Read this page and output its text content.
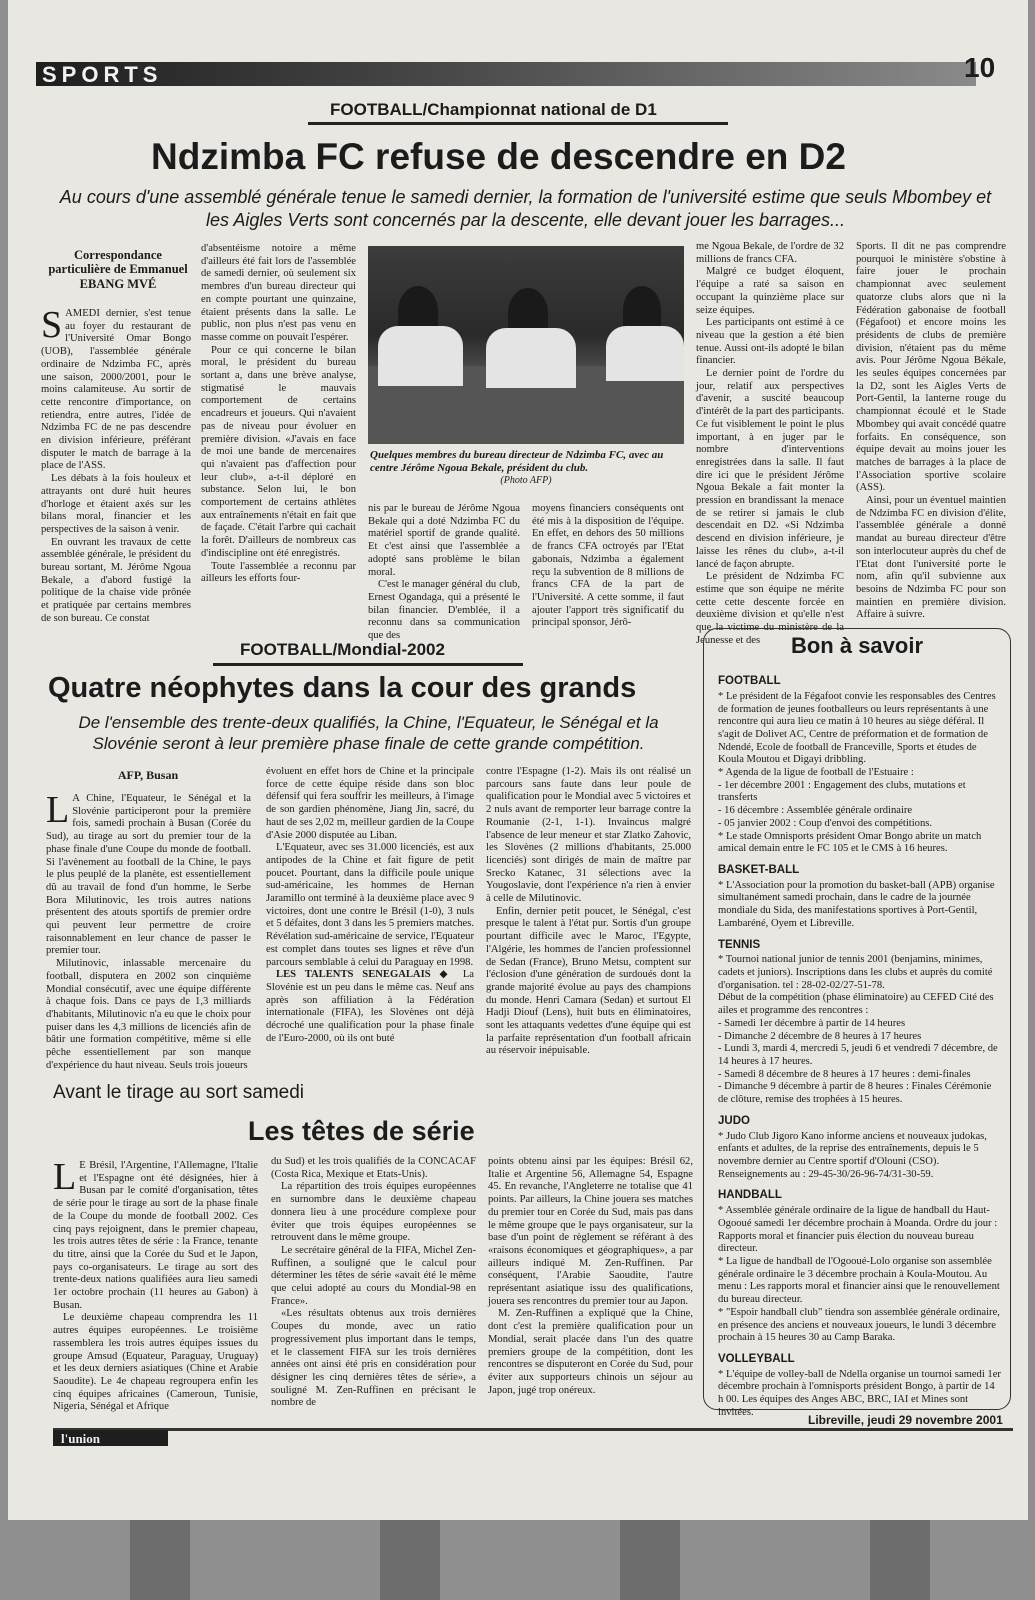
SPORTS	10
FOOTBALL/Championnat national de D1
Ndzimba FC refuse de descendre en D2
Au cours d'une assemblé générale tenue le samedi dernier, la formation de l'université estime que seuls Mbombey et les Aigles Verts sont concernés par la descente, elle devant jouer les barrages...
Correspondance particulière de Emmanuel EBANG MVÉ
S AMEDI dernier, s'est tenue au foyer du restaurant de l'Université Omar Bongo (UOB), l'assemblée générale ordinaire de Ndzimba FC, après une saison, 2000/2001, pour le moins calamiteuse. Au sortir de cette rencontre d'importance, on retiendra, entre autres, l'idée de Ndzimba FC de ne pas descendre en division inférieure, préférant disputer le match de barrage à la place de l'ASS.

Les débats à la fois houleux et attrayants ont duré huit heures d'horloge et étaient axés sur les bilans moral, financier et les perspectives de la saison à venir.

En ouvrant les travaux de cette assemblée générale, le président du bureau sortant, M. Jérôme Ngoua Bekale, a d'abord fustigé la politique de la chaise vide prônée et pratiquée par certains membres de son bureau. Ce constat

d'absentéisme notoire a même d'ailleurs été fait lors de l'assemblée de samedi dernier, où seulement six membres d'un bureau directeur qui en compte pourtant une quinzaine, étaient présents dans la salle. Le public, non plus n'est pas venu en masse comme on pouvait l'espérer.

Pour ce qui concerne le bilan moral, le président du bureau sortant a, dans une brève analyse, stigmatisé le mauvais comportement de certains encadreurs et joueurs. Qui n'avaient pas de niveau pour évoluer en première division. «J'avais en face de moi une bande de mercenaires qui n'avaient pas d'affection pour leur club», a-t-il déploré en substance. Selon lui, le bon comportement de certains athlètes aux entraînements n'était en fait que de façade. C'était l'arbre qui cachait la forêt. D'ailleurs de nombreux cas d'indiscipline ont été enregistrés.

Toute l'assemblée a reconnu par ailleurs les efforts four-

Quelques membres du bureau directeur de Ndzimba FC, avec au centre Jérôme Ngoua Bekale, président du club.
(Photo AFP)

nis par le bureau de Jérôme Ngoua Bekale qui a doté Ndzimba FC du matériel sportif de grande qualité. Et c'est ainsi que l'assemblée a adopté sans problème le bilan moral.

C'est le manager général du club, Ernest Ogandaga, qui a présenté le bilan financier. D'emblée, il a reconnu dans sa communication que des

moyens financiers conséquents ont été mis à la disposition de l'équipe. En effet, en dehors des 50 millions de francs CFA octroyés par l'Etat gabonais, Ndzimba a également reçu la subvention de 8 millions de francs CFA de la part de l'Université. A cette somme, il faut ajouter l'apport très significatif du principal sponsor, Jérô-

me Ngoua Bekale, de l'ordre de 32 millions de francs CFA.

Malgré ce budget éloquent, l'équipe a raté sa saison en occupant la quinzième place sur seize équipes.

Les participants ont estimé à ce niveau que la gestion a été bien tenue. Aussi ont-ils adopté le bilan financier.

Le dernier point de l'ordre du jour, relatif aux perspectives d'avenir, a suscité beaucoup d'intérêt de la part des participants. Ce fut visiblement le point le plus important, à en juger par le nombre d'interventions enregistrées dans la salle. Il faut dire ici que le président Jérôme Ngoua Bekale a fait monter la pression en brandissant la menace de se retirer si jamais le club descendait en D2. «Si Ndzimba descend en division inférieure, je laisse les rênes du club», a-t-il lancé de façon abrupte.

Le président de Ndzimba FC estime que son équipe ne mérite cette cette descente forcée en deuxième division et qu'elle n'est que la victime du ministère de la Jeunesse et des

Sports. Il dit ne pas comprendre pourquoi le ministère s'obstine à faire jouer le prochain championnat avec seulement quatorze clubs alors que ni la Fédération gabonaise de football (Fégafoot) et encore moins les présidents de clubs de première division, n'étaient pas du même avis. Pour Jérôme Ngoua Békale, les seules équipes concernées par la D2, sont les Aigles Verts de Port-Gentil, la lanterne rouge du championnat écoulé et le Stade Mbombey qui avait concédé quatre forfaits. En conséquence, son équipe devait au moins jouer les matches de barrages à la place de l'Association sportive scolaire (ASS).

Ainsi, pour un éventuel maintien de Ndzimba FC en division d'élite, l'assemblée générale a donné mandat au bureau directeur d'être son interlocuteur auprès du chef de l'Etat dont l'université porte le nom, afin qu'il subvienne aux besoins de Ndzimba FC pour son maintien en première division. Affaire à suivre.

FOOTBALL/Mondial-2002
Quatre néophytes dans la cour des grands
De l'ensemble des trente-deux qualifiés, la Chine, l'Equateur, le Sénégal et la Slovénie seront à leur première phase finale de cette grande compétition.
AFP, Busan
L A Chine, l'Equateur, le Sénégal et la Slovénie participeront pour la première fois, samedi prochain à Busan (Corée du Sud), au tirage au sort du premier tour de la phase finale d'une Coupe du monde de football. Si l'avènement au football de la Chine, le pays le plus peuplé de la planète, est essentiellement dû au travail de fond d'un homme, le Serbe Bora Milutinovic, les trois autres nations présentent des atouts sportifs de premier ordre qui peuvent leur permettre de croire raisonnablement en leur chance de passer le premier tour.

Milutinovic, inlassable mercenaire du football, disputera en 2002 son cinquième Mondial consécutif, avec une équipe différente à chaque fois. Dans ce pays de 1,3 milliards d'habitants, Milutinovic n'a eu que le choix pour puiser dans les 4,3 millions de licenciés afin de bâtir une formation compétitive, même si elle pêche essentiellement par son manque d'expérience du haut niveau. Seuls trois joueurs

évoluent en effet hors de Chine et la principale force de cette équipe réside dans son bloc défensif qui fera souffrir les meilleurs, à l'image de son gardien phénomène, Jiang Jin, sacré, du haut de ses 2,02 m, meilleur gardien de la Coupe d'Asie 2000 disputée au Liban.

L'Equateur, avec ses 31.000 licenciés, est aux antipodes de la Chine et fait figure de petit poucet. Pourtant, dans la difficile poule unique sud-américaine, les hommes de Hernan Jaramillo ont terminé à la deuxième place avec 9 victoires, dont une contre le Brésil (1-0), 3 nuls et 5 défaites, dont 3 dans les 5 premiers matches. Révélation sud-américaine de service, l'Equateur est complet dans toutes ses lignes et rêve d'un parcours semblable à celui du Paraguay en 1998.

LES TALENTS SENEGALAIS ◆ La Slovénie est un peu dans le même cas. Neuf ans après son affiliation à la Fédération internationale (FIFA), les Slovènes ont déjà décroché une qualification pour la phase finale de l'Euro-2000, où ils ont buté

contre l'Espagne (1-2). Mais ils ont réalisé un parcours sans faute dans leur poule de qualification pour le Mondial avec 5 victoires et 2 nuls avant de remporter leur barrage contre la Roumanie (2-1, 1-1). Invaincus malgré l'absence de leur meneur et star Zlatko Zahovic, les Slovènes (2 millions d'habitants, 25.000 licenciés) sont dirigés de main de maître par Srecko Katanec, 31 sélections avec la Yougoslavie, dont l'expérience n'a rien à envier à celle de Milutinovic.

Enfin, dernier petit poucet, le Sénégal, c'est presque le talent à l'état pur. Sortis d'un groupe pourtant difficile avec le Maroc, l'Egypte, l'Algérie, les hommes de l'ancien professionnel de Sedan (France), Bruno Metsu, comptent sur l'éclosion d'une génération de surdoués dont la grande majorité évolue au pays des champions du monde. Henri Camara (Sedan) et surtout El Hadji Diouf (Lens), huit buts en éliminatoires, sont les attaquants vedettes d'une équipe qui est la parfaite représentation d'un football africain au réservoir inépuisable.

Avant le tirage au sort samedi
Les têtes de série
L E Brésil, l'Argentine, l'Allemagne, l'Italie et l'Espagne ont été désignées, hier à Busan par le comité d'organisation, têtes de série pour le tirage au sort de la phase finale de la Coupe du monde de football 2002. Ces cinq pays rejoignent, dans le premier chapeau, les trois autres têtes de série : la France, tenante du titre, ainsi que la Corée du Sud et le Japon, pays co-organisateurs. Le tirage au sort des trente-deux nations qualifiées aura lieu samedi 1er octobre prochain (11 heures au Gabon) à Busan.

Le deuxième chapeau comprendra les 11 autres équipes européennes. Le troisième rassemblera les trois autres équipes issues du groupe Amsud (Equateur, Paraguay, Uruguay) et les deux derniers asiatiques (Chine et Arabie Saoudite). Le 4e chapeau regroupera enfin les cinq équipes africaines (Cameroun, Tunisie, Nigeria, Sénégal et Afrique

du Sud) et les trois qualifiés de la CONCACAF (Costa Rica, Mexique et Etats-Unis).

La répartition des trois équipes européennes en surnombre dans le deuxième chapeau donnera lieu à une procédure complexe pour éviter que trois équipes européennes se retrouvent dans le même groupe.

Le secrétaire général de la FIFA, Michel Zen-Ruffinen, a souligné que le calcul pour déterminer les têtes de série «avait été le même que celui adopté au cours du Mondial-98 en France».

«Les résultats obtenus aux trois dernières Coupes du monde, avec un ratio progressivement plus important dans le temps, et le classement FIFA sur les trois dernières années ont ainsi été pris en considération pour désigner les cinq dernières têtes de série», a souligné M. Zen-Ruffinen en précisant le nombre de

points obtenu ainsi par les équipes: Brésil 62, Italie et Argentine 56, Allemagne 54, Espagne 45. En revanche, l'Angleterre ne totalise que 41 points. Par ailleurs, la Chine jouera ses matches du premier tour en Corée du Sud, mais pas dans le même groupe que le pays organisateur, sur la base d'un point de règlement se référant à des «raisons économiques et géographiques», a par ailleurs indiqué M. Zen-Ruffinen. Par conséquent, l'Arabie Saoudite, l'autre représentant asiatique issu des qualifications, jouera ses rencontres du premier tour au Japon.

M. Zen-Ruffinen a expliqué que la Chine, dont c'est la première qualification pour un Mondial, serait placée dans l'un des quatre premiers groupe de la compétition, dont les rencontres se disputeront en Corée du Sud, pour éviter aux supporteurs chinois un séjour au Japon, jugé trop onéreux.

Bon à savoir
FOOTBALL

* Le président de la Fégafoot convie les responsables des Centres de formation de jeunes footballeurs ou leurs représentants à une rencontre qui aura lieu ce matin à 10 heures au siège déféral. Il s'agit de Dolivet AC, Centre de préformation et de formation de Ndendé, Ecole de football de Franceville, Sports et études de Koula Moutou et Digayi dribbling.

* Agenda de la ligue de football de l'Estuaire :

- 1er décembre 2001 : Engagement des clubs, mutations et transferts

- 16 décembre : Assemblée générale ordinaire

- 05 janvier 2002 : Coup d'envoi des compétitions.

* Le stade Omnisports président Omar Bongo abrite un match amical demain entre le FC 105 et le CMS à 16 heures.

BASKET-BALL

* L'Association pour la promotion du basket-ball (APB) organise simultanément samedi prochain, dans le cadre de la journée mondiale du Sida, des manifestations sportives à Port-Gentil, Lambaréné, Oyem et Libreville.

TENNIS

* Tournoi national junior de tennis 2001 (benjamins, minimes, cadets et juniors). Inscriptions dans les clubs et auprès du comité d'organisation. tel : 28-02-02/27-51-78.

Début de la compétition (phase éliminatoire) au CEFED Cité des ailes et programme des rencontres :

- Samedi 1er décembre à partir de 14 heures

- Dimanche 2 décembre de 8 heures à 17 heures

- Lundi 3, mardi 4, mercredi 5, jeudi 6 et vendredi 7 décembre, de 14 heures à 17 heures.

- Samedi 8 décembre de 8 heures à 17 heures : demi-finales

- Dimanche 9 décembre à partir de 8 heures : Finales Cérémonie de clôture, remise des trophées à 15 heures.

JUDO

* Judo Club Jigoro Kano informe anciens et nouveaux judokas, enfants et adultes, de la reprise des entraînements, depuis le 5 novembre dernier au Centre sportif d'Olouni (CSO). Renseignements au : 29-45-30/26-96-74/31-30-59.

HANDBALL

* Assemblée générale ordinaire de la ligue de handball du Haut-Ogooué samedi 1er décembre prochain à Moanda. Ordre du jour : Rapports moral et financier puis élection du nouveau bureau directeur.

* La ligue de handball de l'Ogooué-Lolo organise son assemblée générale ordinaire le 3 décembre prochain à Koula-Moutou. Au menu : Les rapports moral et financier ainsi que le renouvellement du bureau directeur.

* "Espoir handball club" tiendra son assemblée générale ordinaire, en présence des anciens et nouveaux joueurs, le lundi 3 décembre prochain à 15 heures 30 au Camp Baraka.

VOLLEYBALL

* L'équipe de volley-ball de Ndella organise un tournoi samedi 1er décembre prochain à l'omnisports président Bongo, à partir de 14 h 00. Les équipes des Anges ABC, BRC, IAI et Mines sont invitées.

Libreville, jeudi 29 novembre 2001
l'union
